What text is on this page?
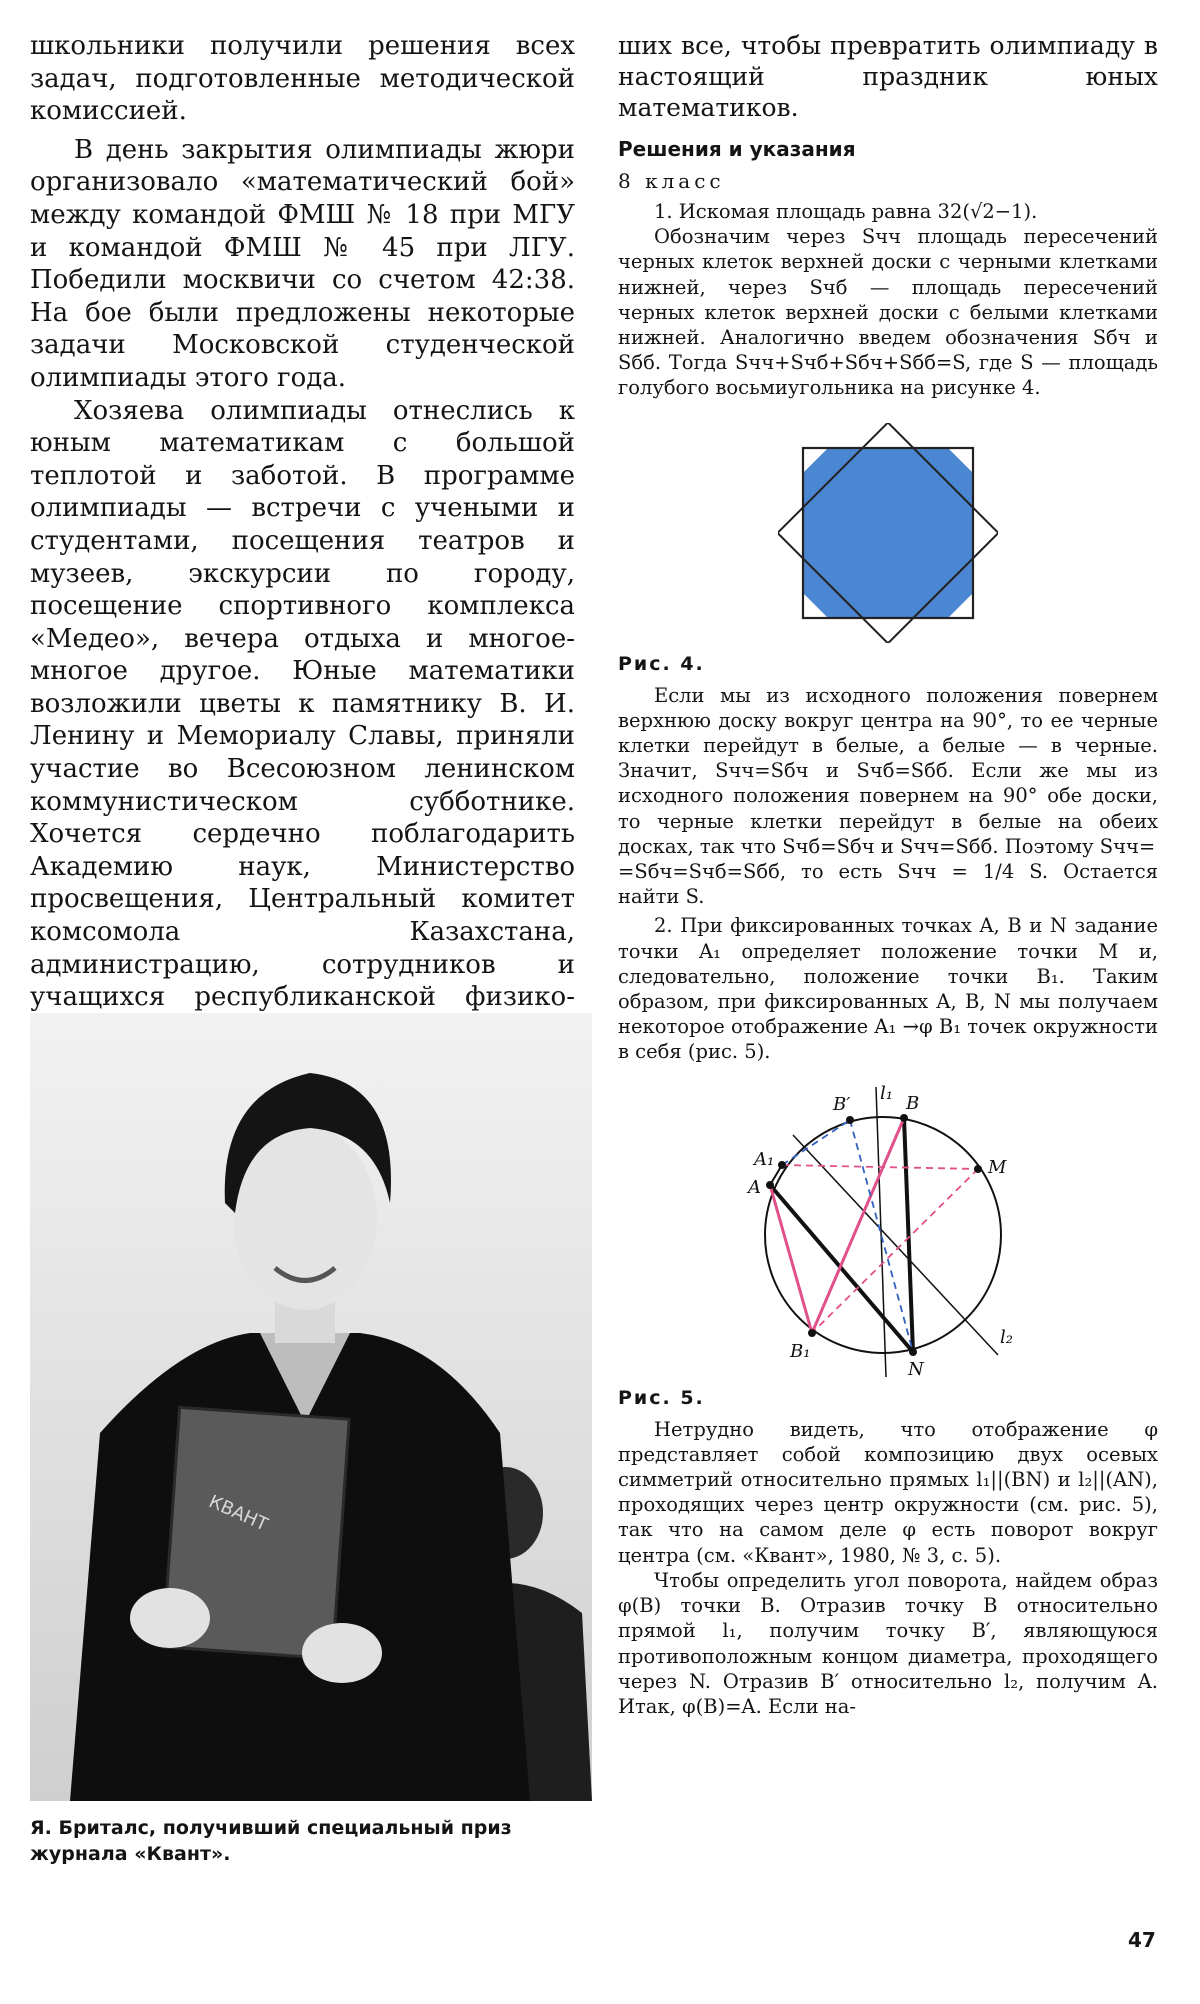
школьники получили решения всех задач, подготовленные методической комиссией.

В день закрытия олимпиады жюри организовало «математический бой» между командой ФМШ № 18 при МГУ и командой ФМШ № 45 при ЛГУ. Победили москвичи со счетом 42:38. На бое были предложены некоторые задачи Московской студенческой олимпиады этого года.

Хозяева олимпиады отнеслись к юным математикам с большой теплотой и заботой. В программе олимпиады — встречи с учеными и студентами, посещения театров и музеев, экскурсии по городу, посещение спортивного комплекса «Медео», вечера отдыха и многое-многое другое. Юные математики возложили цветы к памятнику В. И. Ленину и Мемориалу Славы, приняли участие во Всесоюзном ленинском коммунистическом субботнике. Хочется сердечно поблагодарить Академию наук, Министерство просвещения, Центральный комитет комсомола Казахстана, администрацию, сотрудников и учащихся республиканской физико-

КВАНТ
Я. Бриталс, получивший специальный приз журнала «Квант».

ших все, чтобы превратить олимпиаду в настоящий праздник юных математиков.

Решения и указания
8 класс

1. Искомая площадь равна 32(√2−1).

Обозначим через Sчч площадь пересечений черных клеток верхней доски с черными клетками нижней, через Sчб — площадь пересечений черных клеток верхней доски с белыми клетками нижней. Аналогично введем обозначения Sбч и Sбб. Тогда Sчч+Sчб+Sбч+Sбб=S, где S — площадь голубого восьмиугольника на рисунке 4.

Рис. 4.

Если мы из исходного положения повернем верхнюю доску вокруг центра на 90°, то ее черные клетки перейдут в белые, а белые — в черные. Значит, Sчч=Sбч и Sчб=Sбб. Если же мы из исходного положения повернем на 90° обе доски, то черные клетки перейдут в белые на обеих досках, так что Sчб=Sбч и Sчч=Sбб. Поэтому Sчч=

=Sбч=Sчб=Sбб, то есть Sчч = 1/4 S. Остается найти S.

2. При фиксированных точках A, B и N задание точки A₁ определяет положение точки M и, следовательно, положение точки B₁. Таким образом, при фиксированных A, B, N мы получаем некоторое отображение A₁ →φ B₁ точек окружности в себя (рис. 5).

B′	B
l₁
A₁
A
M
B₁
N
l₂
Рис. 5.

Нетрудно видеть, что отображение φ представляет собой композицию двух осевых симметрий относительно прямых l₁||(BN) и l₂||(AN), проходящих через центр окружности (см. рис. 5), так что на самом деле φ есть поворот вокруг центра (см. «Квант», 1980, № 3, с. 5).

Чтобы определить угол поворота, найдем образ φ(B) точки B. Отразив точку B относительно прямой l₁, получим точку B′, являющуюся противоположным концом диаметра, проходящего через N. Отразив B′ относительно l₂, получим A. Итак, φ(B)=A. Если на-

47
